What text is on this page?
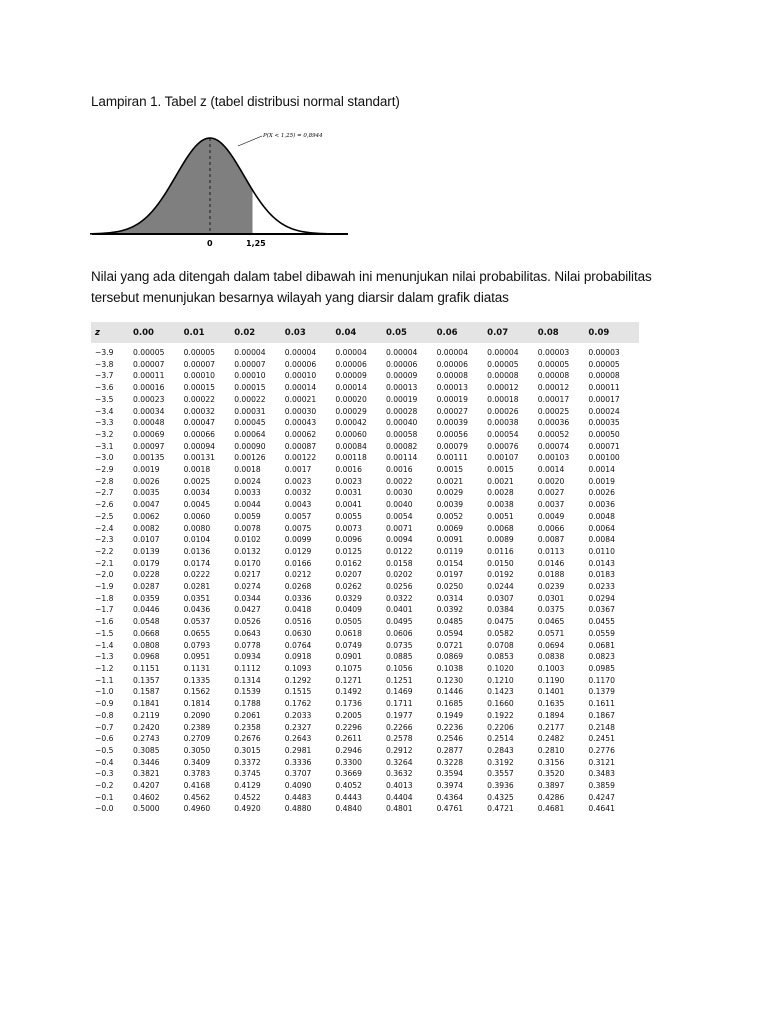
Lampiran 1. Tabel z (tabel distribusi normal standart)
P(X < 1,25) = 0,8944
0	1,25
Nilai yang ada ditengah dalam tabel dibawah ini menunjukan nilai probabilitas. Nilai probabilitas
tersebut menunjukan besarnya wilayah yang diarsir dalam grafik diatas
z	0.00	0.01	0.02	0.03	0.04	0.05	0.06	0.07	0.08	0.09
−3.9	0.00005	0.00005	0.00004	0.00004	0.00004	0.00004	0.00004	0.00004	0.00003	0.00003
−3.8	0.00007	0.00007	0.00007	0.00006	0.00006	0.00006	0.00006	0.00005	0.00005	0.00005
−3.7	0.00011	0.00010	0.00010	0.00010	0.00009	0.00009	0.00008	0.00008	0.00008	0.00008
−3.6	0.00016	0.00015	0.00015	0.00014	0.00014	0.00013	0.00013	0.00012	0.00012	0.00011
−3.5	0.00023	0.00022	0.00022	0.00021	0.00020	0.00019	0.00019	0.00018	0.00017	0.00017
−3.4	0.00034	0.00032	0.00031	0.00030	0.00029	0.00028	0.00027	0.00026	0.00025	0.00024
−3.3	0.00048	0.00047	0.00045	0.00043	0.00042	0.00040	0.00039	0.00038	0.00036	0.00035
−3.2	0.00069	0.00066	0.00064	0.00062	0.00060	0.00058	0.00056	0.00054	0.00052	0.00050
−3.1	0.00097	0.00094	0.00090	0.00087	0.00084	0.00082	0.00079	0.00076	0.00074	0.00071
−3.0	0.00135	0.00131	0.00126	0.00122	0.00118	0.00114	0.00111	0.00107	0.00103	0.00100
−2.9	0.0019	0.0018	0.0018	0.0017	0.0016	0.0016	0.0015	0.0015	0.0014	0.0014
−2.8	0.0026	0.0025	0.0024	0.0023	0.0023	0.0022	0.0021	0.0021	0.0020	0.0019
−2.7	0.0035	0.0034	0.0033	0.0032	0.0031	0.0030	0.0029	0.0028	0.0027	0.0026
−2.6	0.0047	0.0045	0.0044	0.0043	0.0041	0.0040	0.0039	0.0038	0.0037	0.0036
−2.5	0.0062	0.0060	0.0059	0.0057	0.0055	0.0054	0.0052	0.0051	0.0049	0.0048
−2.4	0.0082	0.0080	0.0078	0.0075	0.0073	0.0071	0.0069	0.0068	0.0066	0.0064
−2.3	0.0107	0.0104	0.0102	0.0099	0.0096	0.0094	0.0091	0.0089	0.0087	0.0084
−2.2	0.0139	0.0136	0.0132	0.0129	0.0125	0.0122	0.0119	0.0116	0.0113	0.0110
−2.1	0.0179	0.0174	0.0170	0.0166	0.0162	0.0158	0.0154	0.0150	0.0146	0.0143
−2.0	0.0228	0.0222	0.0217	0.0212	0.0207	0.0202	0.0197	0.0192	0.0188	0.0183
−1.9	0.0287	0.0281	0.0274	0.0268	0.0262	0.0256	0.0250	0.0244	0.0239	0.0233
−1.8	0.0359	0.0351	0.0344	0.0336	0.0329	0.0322	0.0314	0.0307	0.0301	0.0294
−1.7	0.0446	0.0436	0.0427	0.0418	0.0409	0.0401	0.0392	0.0384	0.0375	0.0367
−1.6	0.0548	0.0537	0.0526	0.0516	0.0505	0.0495	0.0485	0.0475	0.0465	0.0455
−1.5	0.0668	0.0655	0.0643	0.0630	0.0618	0.0606	0.0594	0.0582	0.0571	0.0559
−1.4	0.0808	0.0793	0.0778	0.0764	0.0749	0.0735	0.0721	0.0708	0.0694	0.0681
−1.3	0.0968	0.0951	0.0934	0.0918	0.0901	0.0885	0.0869	0.0853	0.0838	0.0823
−1.2	0.1151	0.1131	0.1112	0.1093	0.1075	0.1056	0.1038	0.1020	0.1003	0.0985
−1.1	0.1357	0.1335	0.1314	0.1292	0.1271	0.1251	0.1230	0.1210	0.1190	0.1170
−1.0	0.1587	0.1562	0.1539	0.1515	0.1492	0.1469	0.1446	0.1423	0.1401	0.1379
−0.9	0.1841	0.1814	0.1788	0.1762	0.1736	0.1711	0.1685	0.1660	0.1635	0.1611
−0.8	0.2119	0.2090	0.2061	0.2033	0.2005	0.1977	0.1949	0.1922	0.1894	0.1867
−0.7	0.2420	0.2389	0.2358	0.2327	0.2296	0.2266	0.2236	0.2206	0.2177	0.2148
−0.6	0.2743	0.2709	0.2676	0.2643	0.2611	0.2578	0.2546	0.2514	0.2482	0.2451
−0.5	0.3085	0.3050	0.3015	0.2981	0.2946	0.2912	0.2877	0.2843	0.2810	0.2776
−0.4	0.3446	0.3409	0.3372	0.3336	0.3300	0.3264	0.3228	0.3192	0.3156	0.3121
−0.3	0.3821	0.3783	0.3745	0.3707	0.3669	0.3632	0.3594	0.3557	0.3520	0.3483
−0.2	0.4207	0.4168	0.4129	0.4090	0.4052	0.4013	0.3974	0.3936	0.3897	0.3859
−0.1	0.4602	0.4562	0.4522	0.4483	0.4443	0.4404	0.4364	0.4325	0.4286	0.4247
−0.0	0.5000	0.4960	0.4920	0.4880	0.4840	0.4801	0.4761	0.4721	0.4681	0.4641
